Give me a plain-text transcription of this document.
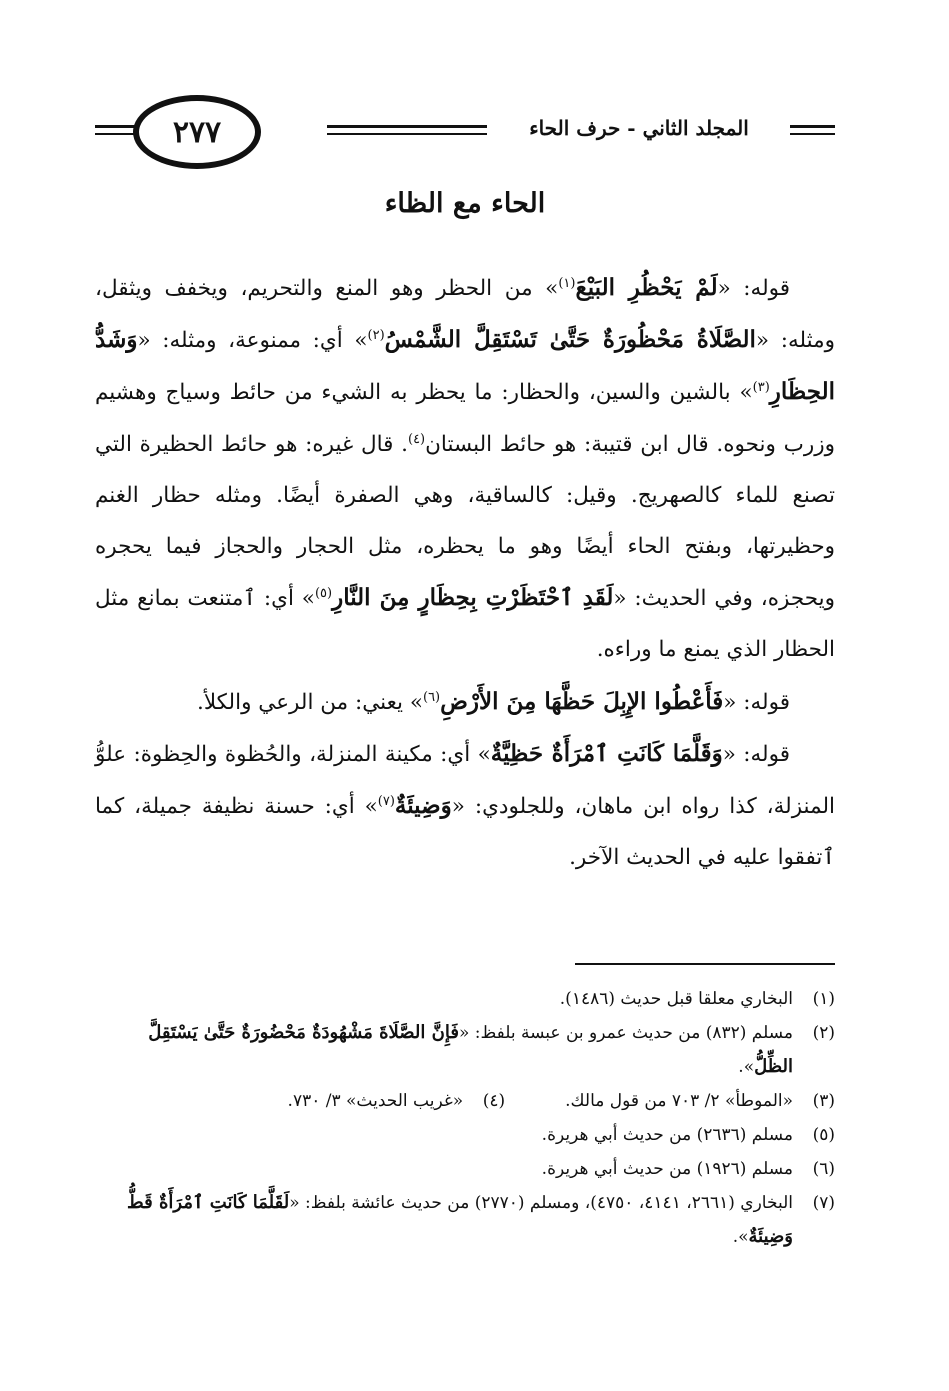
٢٧٧	المجلد الثاني - حرف الحاء
الحاء مع الظاء

قوله: «لَمْ يَحْظُرِ البَيْعَ$^{(١)}$» من الحظر وهو المنع والتحريم، ويخفف ويثقل، ومثله: «الصَّلَاةُ مَحْظُورَةٌ حَتَّىٰ تَسْتَقِلَّ الشَّمْسُ$^{(٢)}$» أي: ممنوعة، ومثله: «وَشَدُّ الحِظَارِ$^{(٣)}$» بالشين والسين، والحظار: ما يحظر به الشيء من حائط وسياج وهشيم وزرب ونحوه. قال ابن قتيبة: هو حائط البستان$^{(٤)}$. قال غيره: هو حائط الحظيرة التي تصنع للماء كالصهريج. وقيل: كالساقية، وهي الصفرة أيضًا. ومثله حظار الغنم وحظيرتها، وبفتح الحاء أيضًا وهو ما يحظره، مثل الحجار والحجاز فيما يحجره ويحجزه، وفي الحديث: «لَقَدِ ٱحْتَظَرْتِ بِحِظَارٍ مِنَ النَّارِ$^{(٥)}$» أي: ٱمتنعت بمانع مثل الحظار الذي يمنع ما وراءه.

قوله: «فَأَعْطُوا الإِبِلَ حَظَّهَا مِنَ الأَرْضِ$^{(٦)}$» يعني: من الرعي والكلأ.

قوله: «وَقَلَّمَا كَانَتِ ٱمْرَأَةٌ حَظِيَّةٌ» أي: مكينة المنزلة، والحُظوة والحِظوة: علوُّ المنزلة، كذا رواه ابن ماهان، وللجلودي: «وَضِيئَةٌ$^{(٧)}$» أي: حسنة نظيفة جميلة، كما ٱتفقوا عليه في الحديث الآخر.

(١)
البخاري معلقا قبل حديث (١٤٨٦).
(٢)
مسلم (٨٣٢) من حديث عمرو بن عبسة بلفظ: «فَإِنَّ الصَّلَاةَ مَشْهُودَةٌ مَحْضُورَةٌ حَتَّىٰ يَسْتَقِلَّ الظِّلُّ».
(٣)
«الموطأ» ٢/ ٧٠٣ من قول مالك.
(٤)
«غريب الحديث» ٣/ ٧٣٠.
(٥)
مسلم (٢٦٣٦) من حديث أبي هريرة.
(٦)
مسلم (١٩٢٦) من حديث أبي هريرة.
(٧)
البخاري (٢٦٦١، ٤١٤١، ٤٧٥٠)، ومسلم (٢٧٧٠) من حديث عائشة بلفظ: «لَقَلَّمَا كَانَتِ ٱمْرَأَةٌ قَطُّ وَضِيئَةٌ».
